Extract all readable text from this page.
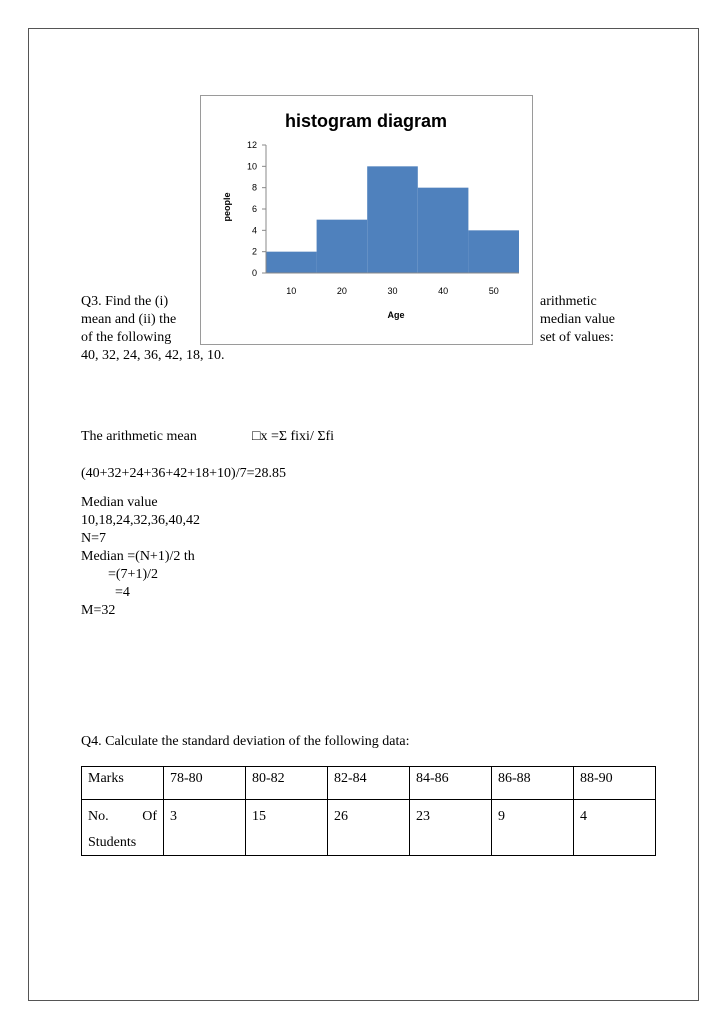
histogram diagram
people
Age
0
2
4
6
8
10
12
10	20	30	40	50
Q3. Find the (i)	arithmetic
mean and (ii) the	median value
of the following	set of values:
40, 32, 24, 36, 42, 18, 10.
The arithmetic mean	□x =Σ fixi/ Σfi
(40+32+24+36+42+18+10)/7=28.85
Median value
10,18,24,32,36,40,42
N=7
Median =(N+1)/2 th
=(7+1)/2
=4
M=32
Q4. Calculate the standard deviation of the following data:
Marks	78-80	80-82	82-84	84-86	86-88	88-90

No. Of
Students	3	15	26	23	9	4
